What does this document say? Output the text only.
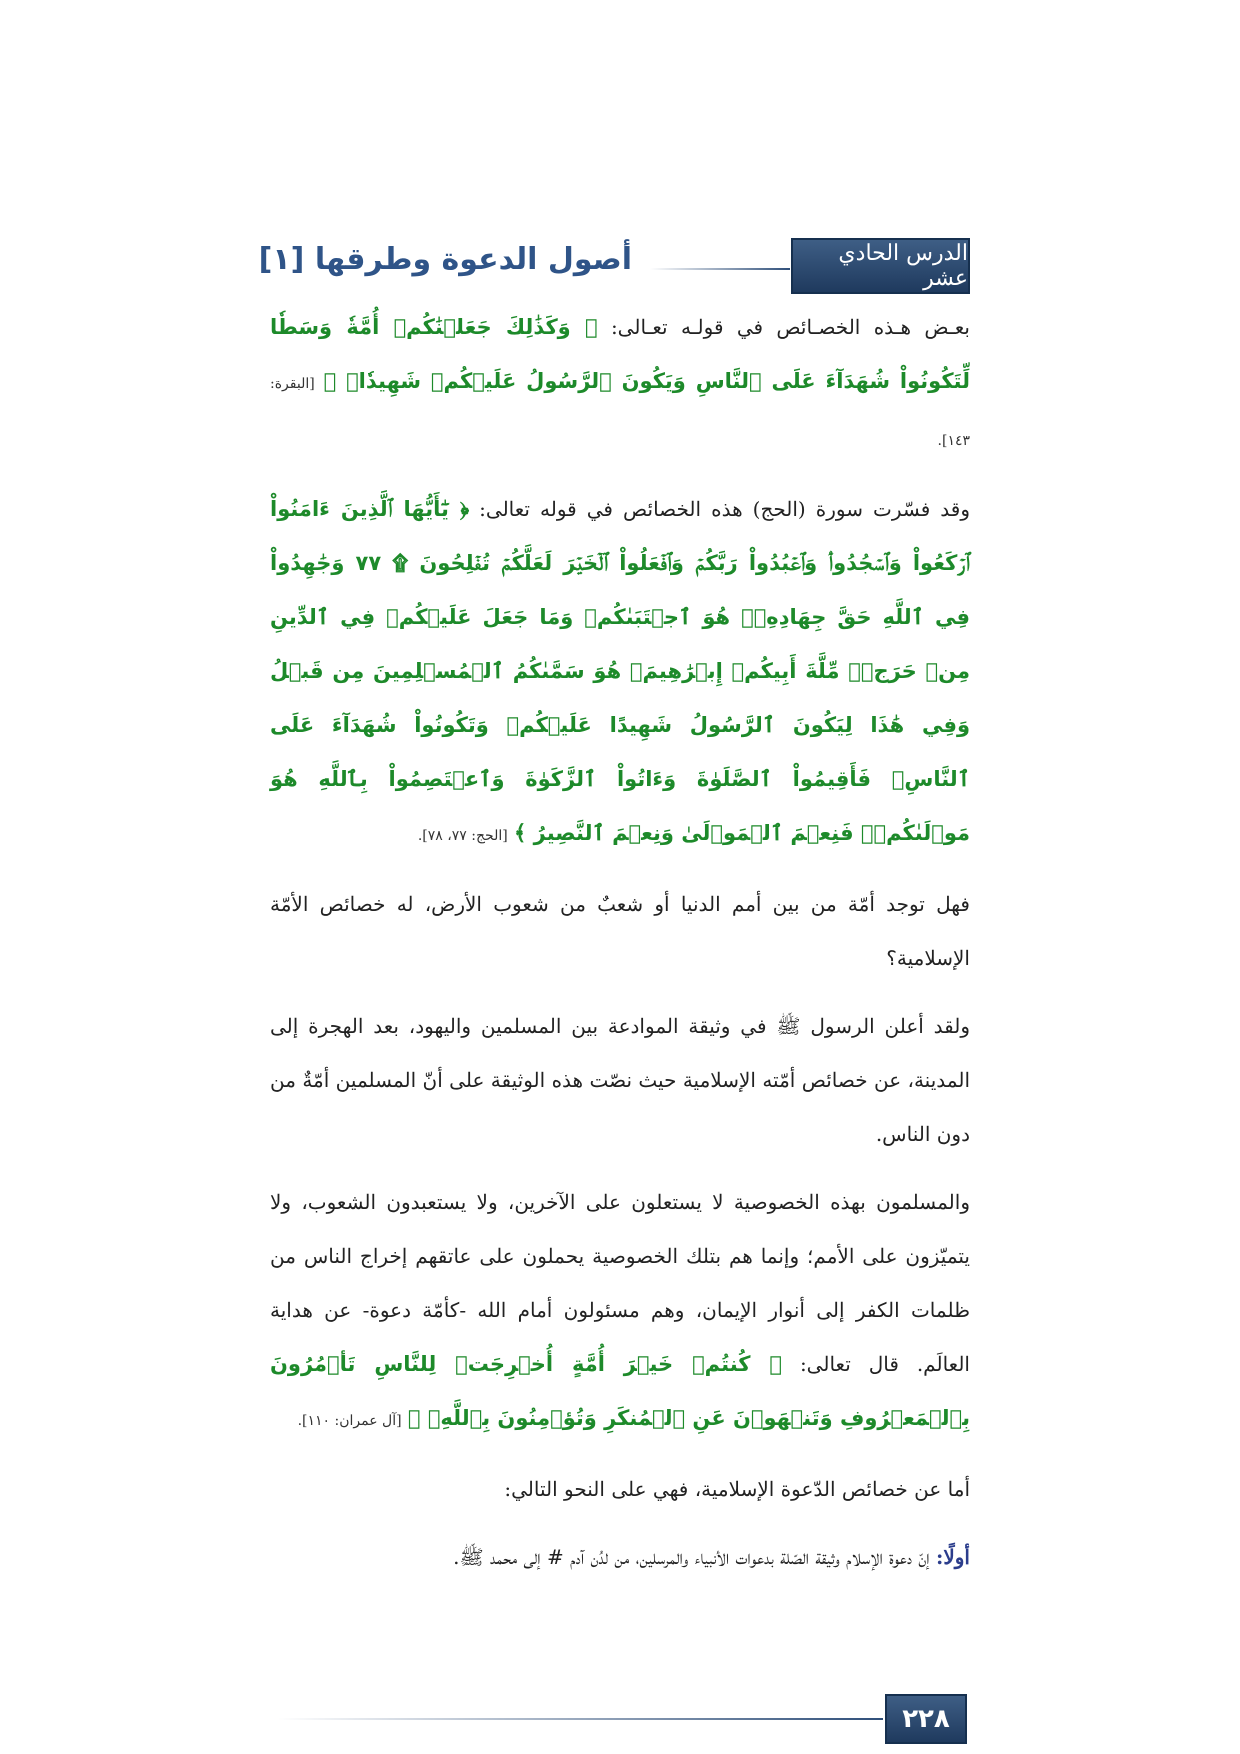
الدرس الحادي عشر
أصول الدعوة وطرقها [١]

بعـض هـذه الخصـائص في قولـه تعـالى: ﴿ وَكَذَٰلِكَ جَعَلۡنَٰكُمۡ أُمَّةٗ وَسَطٗا لِّتَكُونُواْ شُهَدَآءَ عَلَى ٱلنَّاسِ وَيَكُونَ ٱلرَّسُولُ عَلَيۡكُمۡ شَهِيدٗاۗ ﴾ [البقرة: ١٤٣].

وقد فسّرت سورة (الحج) هذه الخصائص في قوله تعالى: ﴿ يَٰٓأَيُّهَا ٱلَّذِينَ ءَامَنُواْ ٱرۡكَعُواْ وَٱسۡجُدُواْۤ وَٱعۡبُدُواْ رَبَّكُمۡ وَٱفۡعَلُواْ ٱلۡخَيۡرَ لَعَلَّكُمۡ تُفۡلِحُونَ ۩ ٧٧ وَجَٰهِدُواْ فِي ٱللَّهِ حَقَّ جِهَادِهِۦۚ هُوَ ٱجۡتَبَىٰكُمۡ وَمَا جَعَلَ عَلَيۡكُمۡ فِي ٱلدِّينِ مِنۡ حَرَجٖۚ مِّلَّةَ أَبِيكُمۡ إِبۡرَٰهِيمَۚ هُوَ سَمَّىٰكُمُ ٱلۡمُسۡلِمِينَ مِن قَبۡلُ وَفِي هَٰذَا لِيَكُونَ ٱلرَّسُولُ شَهِيدًا عَلَيۡكُمۡ وَتَكُونُواْ شُهَدَآءَ عَلَى ٱلنَّاسِۚ فَأَقِيمُواْ ٱلصَّلَوٰةَ وَءَاتُواْ ٱلزَّكَوٰةَ وَٱعۡتَصِمُواْ بِٱللَّهِ هُوَ مَوۡلَىٰكُمۡۖ فَنِعۡمَ ٱلۡمَوۡلَىٰ وَنِعۡمَ ٱلنَّصِيرُ ﴾ [الحج: ٧٧، ٧٨].

فهل توجد أمّة من بين أمم الدنيا أو شعبٌ من شعوب الأرض، له خصائص الأمّة الإسلامية؟

ولقد أعلن الرسول ﷺ في وثيقة الموادعة بين المسلمين واليهود، بعد الهجرة إلى المدينة، عن خصائص أمّته الإسلامية حيث نصّت هذه الوثيقة على أنّ المسلمين أمّةٌ من دون الناس.

والمسلمون بهذه الخصوصية لا يستعلون على الآخرين، ولا يستعبدون الشعوب، ولا يتميّزون على الأمم؛ وإنما هم بتلك الخصوصية يحملون على عاتقهم إخراج الناس من ظلمات الكفر إلى أنوار الإيمان، وهم مسئولون أمام الله -كأمّة دعوة- عن هداية العالَم. قال تعالى: ﴿ كُنتُمۡ خَيۡرَ أُمَّةٍ أُخۡرِجَتۡ لِلنَّاسِ تَأۡمُرُونَ بِٱلۡمَعۡرُوفِ وَتَنۡهَوۡنَ عَنِ ٱلۡمُنكَرِ وَتُؤۡمِنُونَ بِٱللَّهِۗ ﴾ [آل عمران: ١١٠].

أما عن خصائص الدّعوة الإسلامية، فهي على النحو التالي:

أولًا: إنّ دعوة الإسلام وثيقة الصّلة بدعوات الأنبياء والمرسلين، من لدُن آدم # إلى محمد ﷺ.

٢٢٨
